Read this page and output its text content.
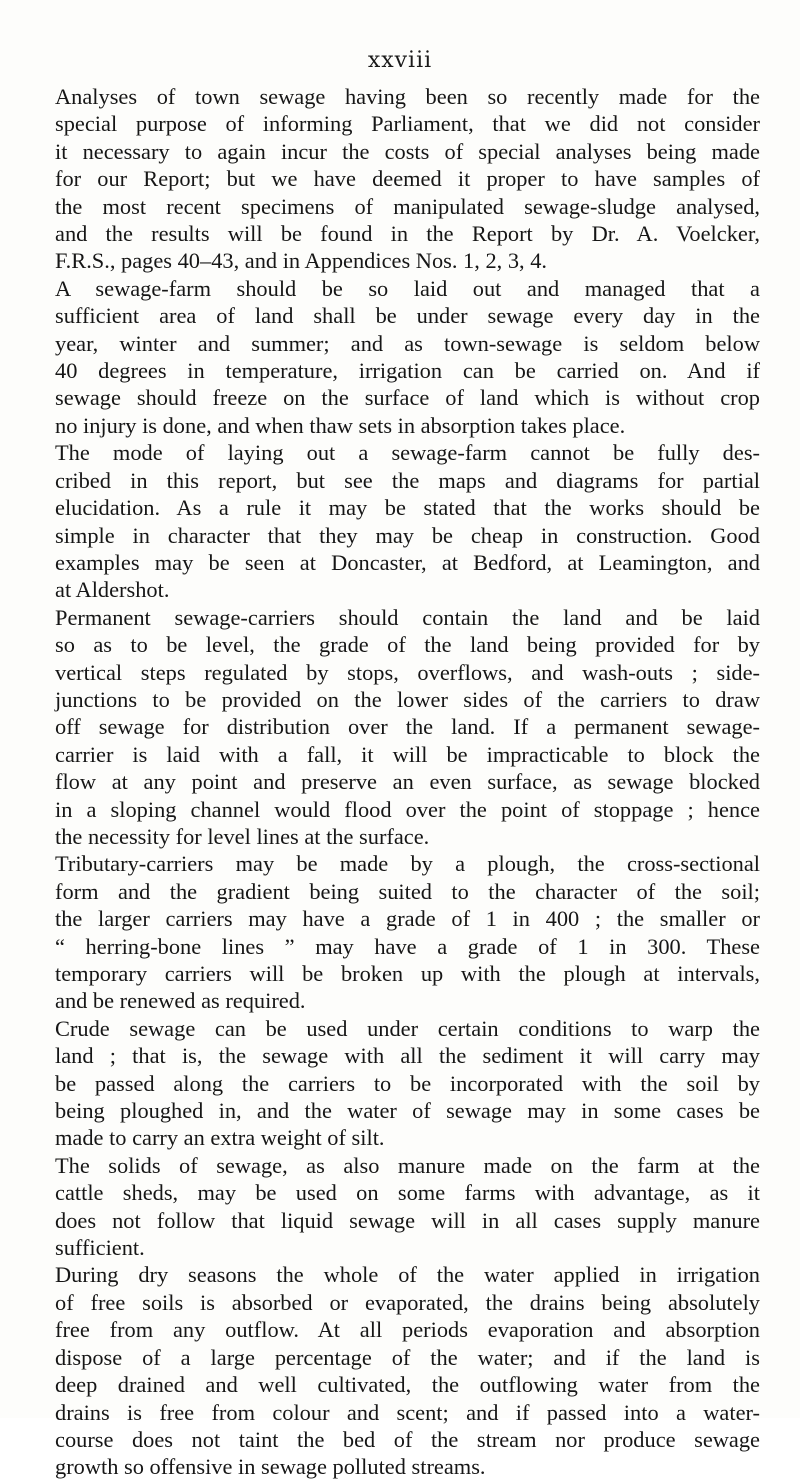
xxviii
Analyses of town sewage having been so recently made for the
special purpose of informing Parliament, that we did not consider
it necessary to again incur the costs of special analyses being made
for our Report; but we have deemed it proper to have samples of
the most recent specimens of manipulated sewage-sludge analysed,
and the results will be found in the Report by Dr. A. Voelcker,
F.R.S., pages 40–43, and in Appendices Nos. 1, 2, 3, 4.
A sewage-farm should be so laid out and managed that a
sufficient area of land shall be under sewage every day in the
year, winter and summer; and as town-sewage is seldom below
40 degrees in temperature, irrigation can be carried on. And if
sewage should freeze on the surface of land which is without crop
no injury is done, and when thaw sets in absorption takes place.
The mode of laying out a sewage-farm cannot be fully des-
cribed in this report, but see the maps and diagrams for partial
elucidation. As a rule it may be stated that the works should be
simple in character that they may be cheap in construction. Good
examples may be seen at Doncaster, at Bedford, at Leamington, and
at Aldershot.
Permanent sewage-carriers should contain the land and be laid
so as to be level, the grade of the land being provided for by
vertical steps regulated by stops, overflows, and wash-outs ; side-
junctions to be provided on the lower sides of the carriers to draw
off sewage for distribution over the land. If a permanent sewage-
carrier is laid with a fall, it will be impracticable to block the
flow at any point and preserve an even surface, as sewage blocked
in a sloping channel would flood over the point of stoppage ; hence
the necessity for level lines at the surface.
Tributary-carriers may be made by a plough, the cross-sectional
form and the gradient being suited to the character of the soil;
the larger carriers may have a grade of 1 in 400 ; the smaller or
“ herring-bone lines ” may have a grade of 1 in 300. These
temporary carriers will be broken up with the plough at intervals,
and be renewed as required.
Crude sewage can be used under certain conditions to warp the
land ; that is, the sewage with all the sediment it will carry may
be passed along the carriers to be incorporated with the soil by
being ploughed in, and the water of sewage may in some cases be
made to carry an extra weight of silt.
The solids of sewage, as also manure made on the farm at the
cattle sheds, may be used on some farms with advantage, as it
does not follow that liquid sewage will in all cases supply manure
sufficient.
During dry seasons the whole of the water applied in irrigation
of free soils is absorbed or evaporated, the drains being absolutely
free from any outflow. At all periods evaporation and absorption
dispose of a large percentage of the water; and if the land is
deep drained and well cultivated, the outflowing water from the
drains is free from colour and scent; and if passed into a water-
course does not taint the bed of the stream nor produce sewage
growth so offensive in sewage polluted streams.
